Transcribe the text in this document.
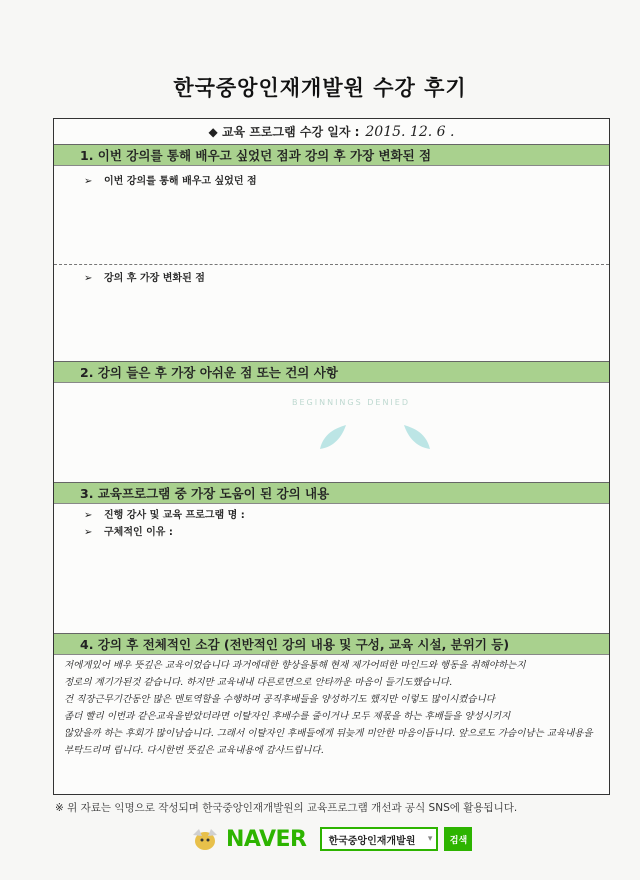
한국중앙인재개발원 수강 후기
◆ 교육 프로그램 수강 일자 : 2015. 12. 6 .
1. 이번 강의를 통해 배우고 싶었던 점과 강의 후 가장 변화된 점
➢ 이번 강의를 통해 배우고 싶었던 점
➢ 강의 후 가장 변화된 점
BEGINNINGS DENIED
2. 강의 들은 후 가장 아쉬운 점 또는 건의 사항
3. 교육프로그램 중 가장 도움이 된 강의 내용
➢ 진행 강사 및 교육 프로그램 명 :
➢ 구체적인 이유 :
4. 강의 후 전체적인 소감 (전반적인 강의 내용 및 구성, 교육 시설, 분위기 등)
저에게있어 배우 뜻깊은 교육이었습니다 과거에대한 향상을통해 현재 제가어떠한 마인드와 행동을 취해야하는지
정로의 계기가된것 같습니다. 하지만 교육내내 다른로면으로 안타까운 마음이 들기도했습니다.
건 직장근무기간동안 많은 멘토역할을 수행하며 공직후배들을 양성하기도 했지만 이렇도 많이시켰습니다
좀더 빨리 이번과 같은교육을받았더라면 이탈자인 후배수를 줄이거나 모두 제몫을 하는 후배들을 양성시키지
않았을까 하는 후회가 많이남습니다. 그래서 이탈자인 후배들에게 뒤늦게 미안한 마음이듭니다. 앞으로도 가슴이남는 교육내용을
부탁드리며 립니다. 다시한번 뜻깊은 교육내용에 감사드립니다.
※ 위 자료는 익명으로 작성되며 한국중앙인재개발원의 교육프로그램 개선과 공식 SNS에 활용됩니다.
NAVER	한국중앙인재개발원	▾	검색
